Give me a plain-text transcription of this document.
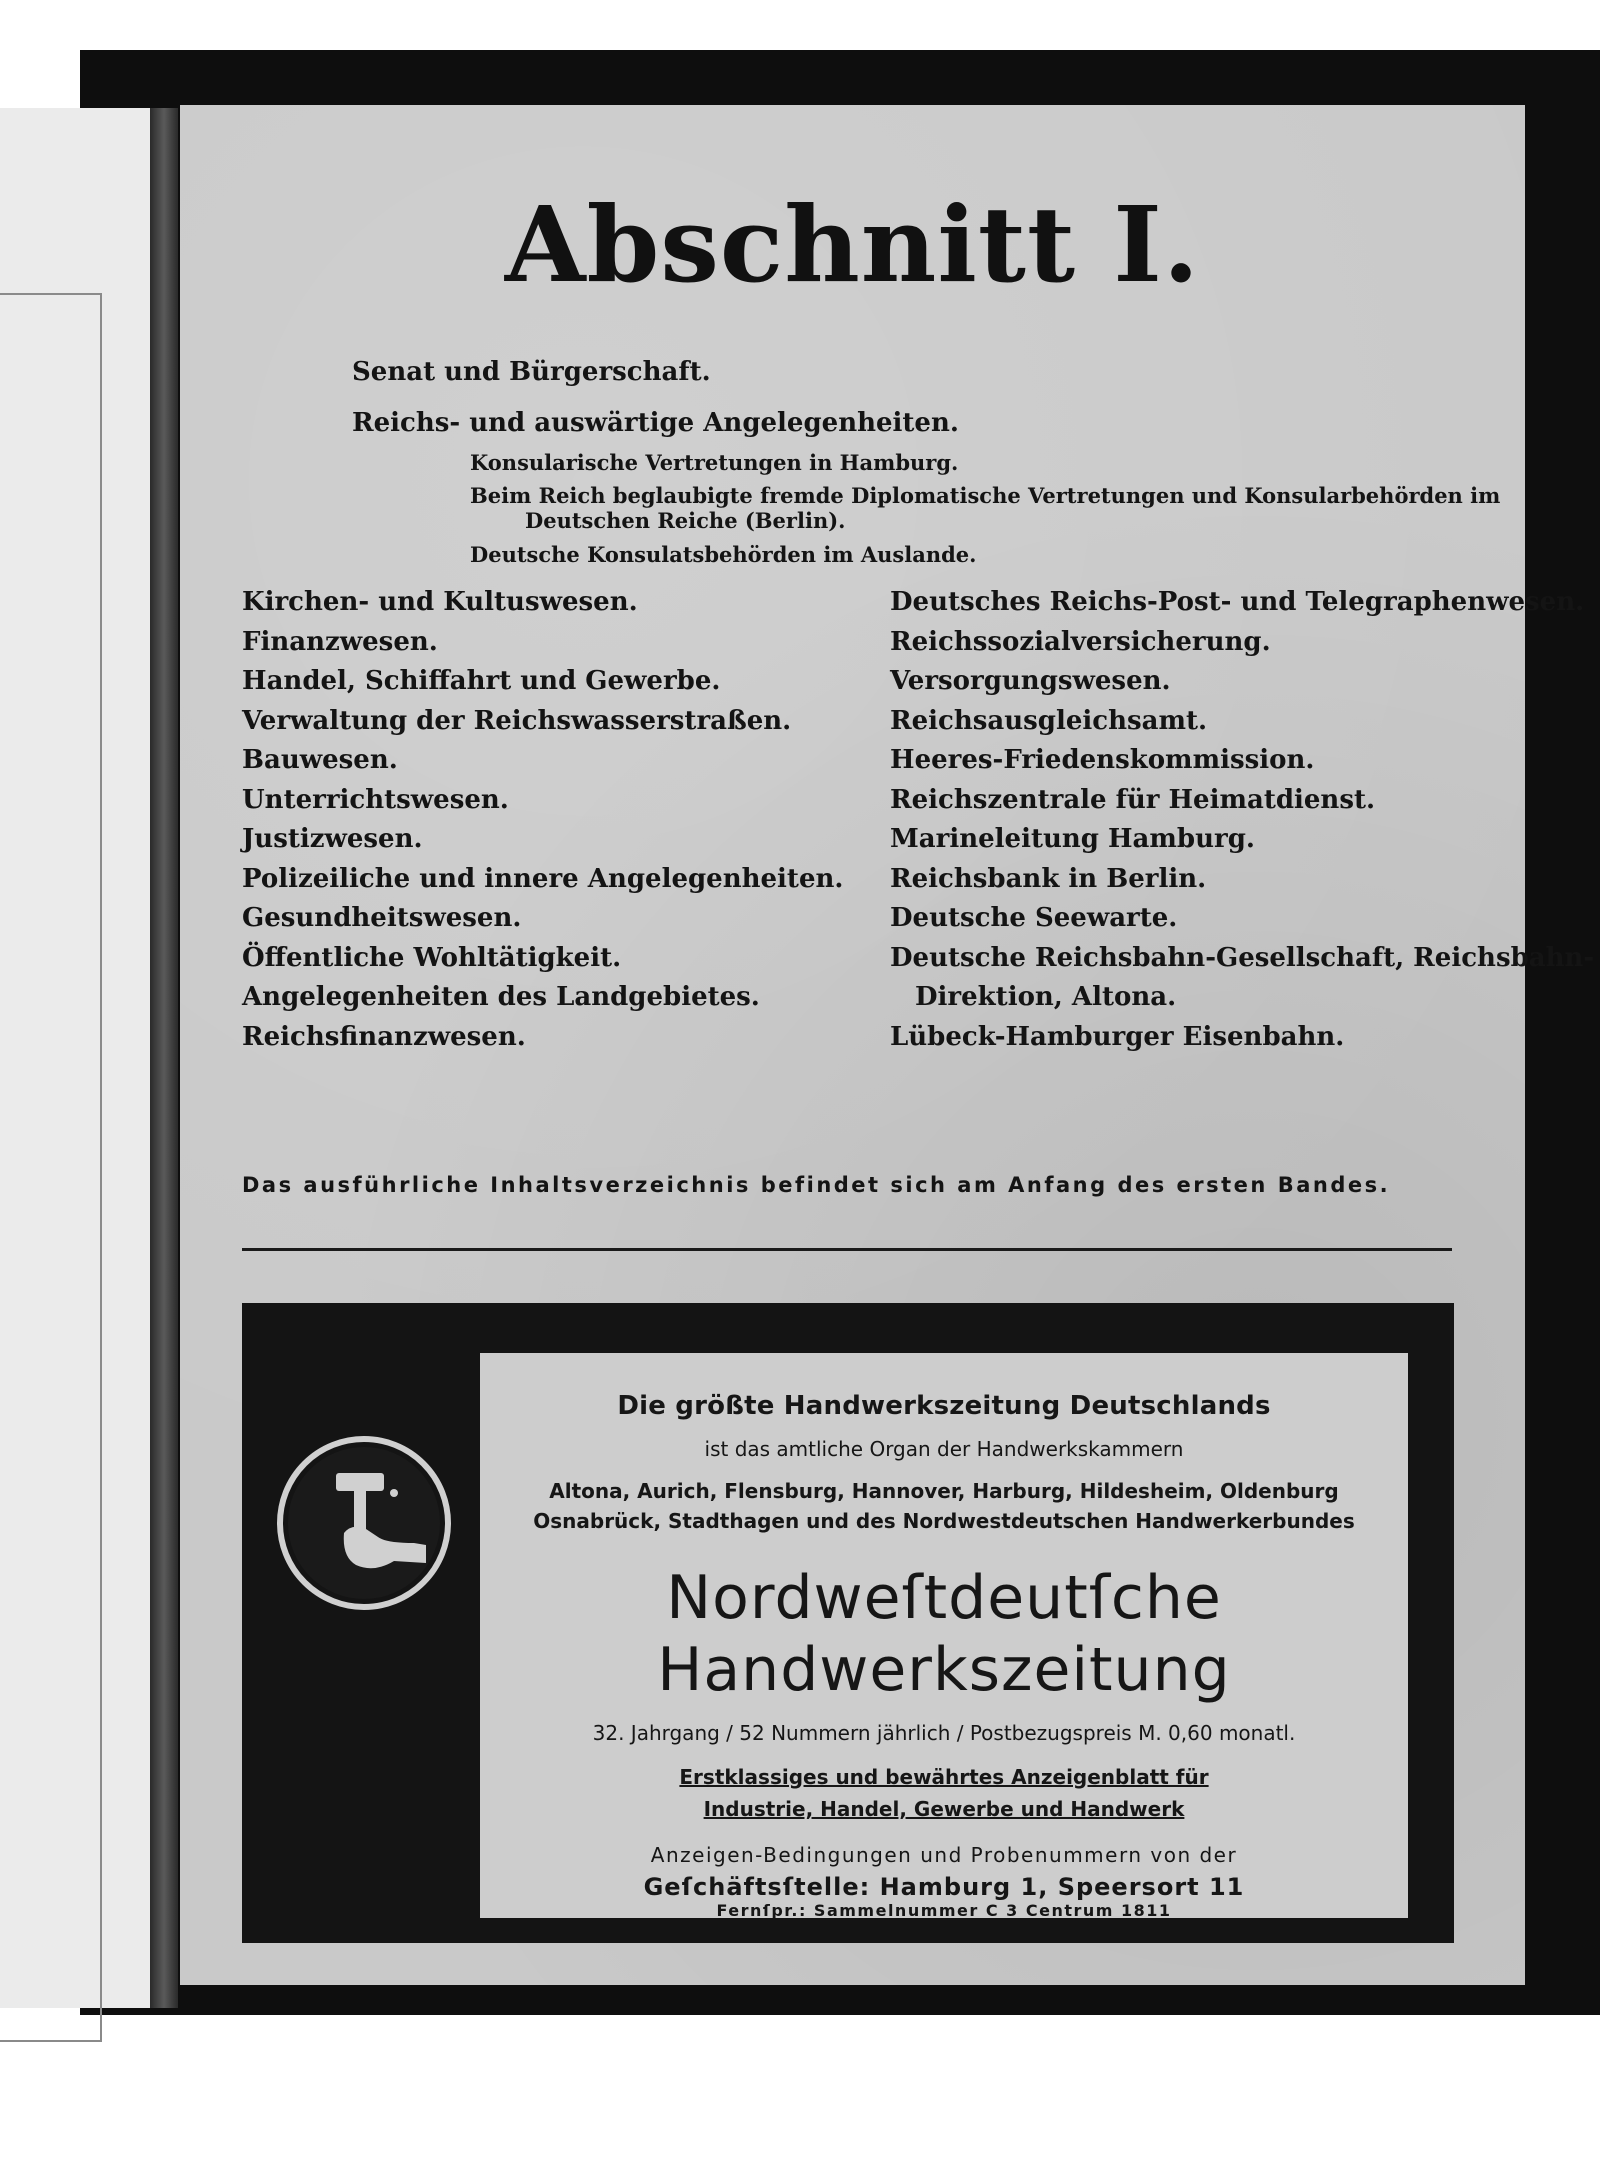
Abschnitt I.
Senat und Bürgerschaft.
Reichs- und auswärtige Angelegenheiten.
Konsularische Vertretungen in Hamburg.
Beim Reich beglaubigte fremde Diplomatische Vertretungen und Konsularbehörden im
Deutschen Reiche (Berlin).
Deutsche Konsulatsbehörden im Auslande.
Kirchen- und Kultuswesen.
Finanzwesen.
Handel, Schiffahrt und Gewerbe.
Verwaltung der Reichswasserstraßen.
Bauwesen.
Unterrichtswesen.
Justizwesen.
Polizeiliche und innere Angelegenheiten.
Gesundheitswesen.
Öffentliche Wohltätigkeit.
Angelegenheiten des Landgebietes.
Reichsfinanzwesen.
Deutsches Reichs-Post- und Telegraphenwesen.
Reichssozialversicherung.
Versorgungswesen.
Reichsausgleichsamt.
Heeres-Friedenskommission.
Reichszentrale für Heimatdienst.
Marineleitung Hamburg.
Reichsbank in Berlin.
Deutsche Seewarte.
Deutsche Reichsbahn-Gesellschaft, Reichsbahn-
Direktion, Altona.
Lübeck-Hamburger Eisenbahn.
Das ausführliche Inhaltsverzeichnis befindet sich am Anfang des ersten Bandes.
Die größte Handwerkszeitung Deutschlands
ist das amtliche Organ der Handwerkskammern
Altona, Aurich, Flensburg, Hannover, Harburg, Hildesheim, Oldenburg
Osnabrück, Stadthagen und des Nordwestdeutschen Handwerkerbundes
Nordweſtdeutſche
Handwerkszeitung
32. Jahrgang / 52 Nummern jährlich / Postbezugspreis M. 0,60 monatl.
Erstklassiges und bewährtes Anzeigenblatt für
Industrie, Handel, Gewerbe und Handwerk
Anzeigen-Bedingungen und Probenummern von der
Geſchäftsſtelle: Hamburg 1, Speersort 11
Fernſpr.: Sammelnummer C 3 Centrum 1811
